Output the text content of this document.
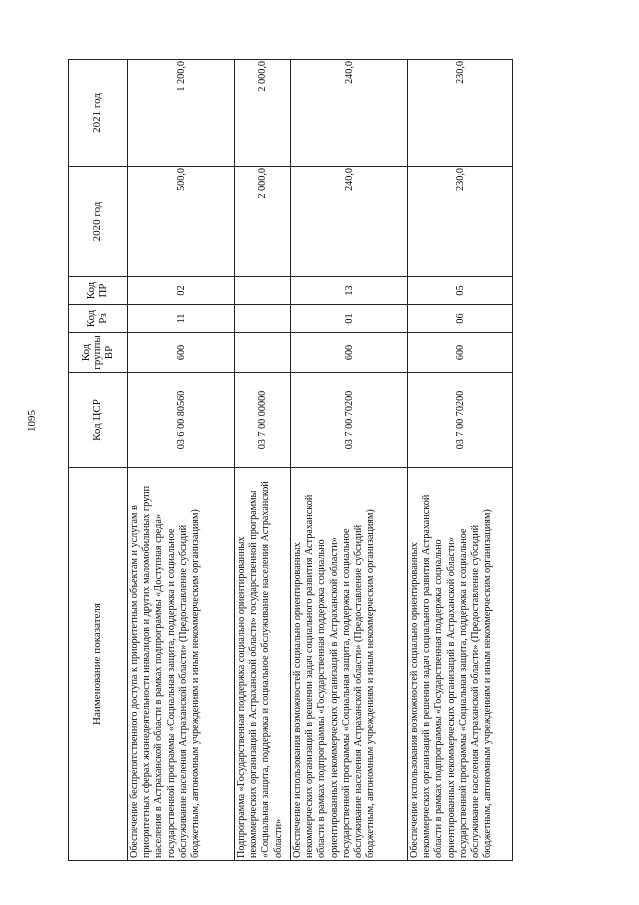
1095
Наименование показателя	Код ЦСР	Код группы ВР	Код Рз	Код ПР	2020 год	2021 год
Обеспечение беспрепятственного доступа к приоритетным объектам и услугам в приоритетных сферах жизнедеятельности инвалидов и других маломобильных групп населения в Астраханской области в рамках подпрограммы «Доступная среда» государственной программы «Социальная защита, поддержка и социальное обслуживание населения Астраханской области» (Предоставление субсидий бюджетным, автономным учреждениям и иным некоммерческим организациям)	03 6 00 80560	600	11	02	500,0	1 200,0
Подпрограмма «Государственная поддержка социально ориентированных некоммерческих организаций в Астраханской области» государственной программы «Социальная защита, поддержка и социальное обслуживание населения Астраханской области»	03 7 00 00000				2 000,0	2 000,0
Обеспечение использования возможностей социально ориентированных некоммерческих организаций в решении задач социального развития Астраханской области в рамках подпрограммы «Государственная поддержка социально ориентированных некоммерческих организаций в Астраханской области» государственной программы «Социальная защита, поддержка и социальное обслуживание населения Астраханской области» (Предоставление субсидий бюджетным, автономным учреждениям и иным некоммерческим организациям)	03 7 00 70200	600	01	13	240,0	240,0
Обеспечение использования возможностей социально ориентированных некоммерческих организаций в решении задач социального развития Астраханской области в рамках подпрограммы «Государственная поддержка социально ориентированных некоммерческих организаций в Астраханской области» государственной программы «Социальная защита, поддержка и социальное обслуживание населения Астраханской области» (Предоставление субсидий бюджетным, автономным учреждениям и иным некоммерческим организациям)	03 7 00 70200	600	06	05	230,0	230,0
